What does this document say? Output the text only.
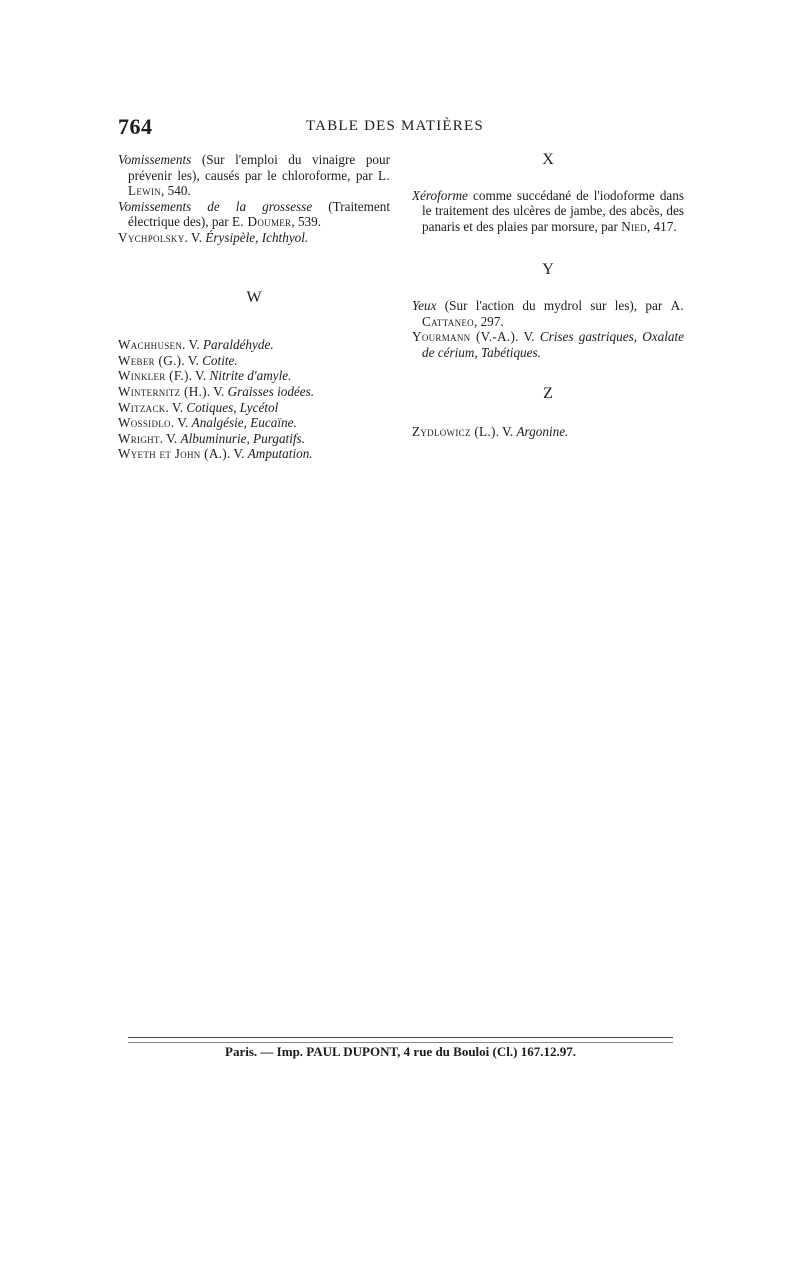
764	TABLE DES MATIÈRES

Vomissements (Sur l'emploi du vinaigre pour prévenir les), causés par le chloroforme, par L. Lewin, 540.

Vomissements de la grossesse (Traitement électrique des), par E. Doumer, 539.

Vychpolsky. V. Érysipèle, Ichthyol.

W

Wachhusen. V. Paraldéhyde.

Weber (G.). V. Cotite.

Winkler (F.). V. Nitrite d'amyle.

Winternitz (H.). V. Graisses iodées.

Witzack. V. Cotiques, Lycétol

Wossidlo. V. Analgésie, Eucaïne.

Wright. V. Albuminurie, Purgatifs.

Wyeth et John (A.). V. Amputation.

X

Xéroforme comme succédané de l'iodoforme dans le traitement des ulcères de jambe, des abcès, des panaris et des plaies par morsure, par Nied, 417.

Y

Yeux (Sur l'action du mydrol sur les), par A. Cattaneo, 297.

Yourmann (V.-A.). V. Crises gastriques, Oxalate de cérium, Tabétiques.

Z

Zydlowicz (L.). V. Argonine.

Paris. — Imp. PAUL DUPONT, 4 rue du Bouloi (Cl.) 167.12.97.
